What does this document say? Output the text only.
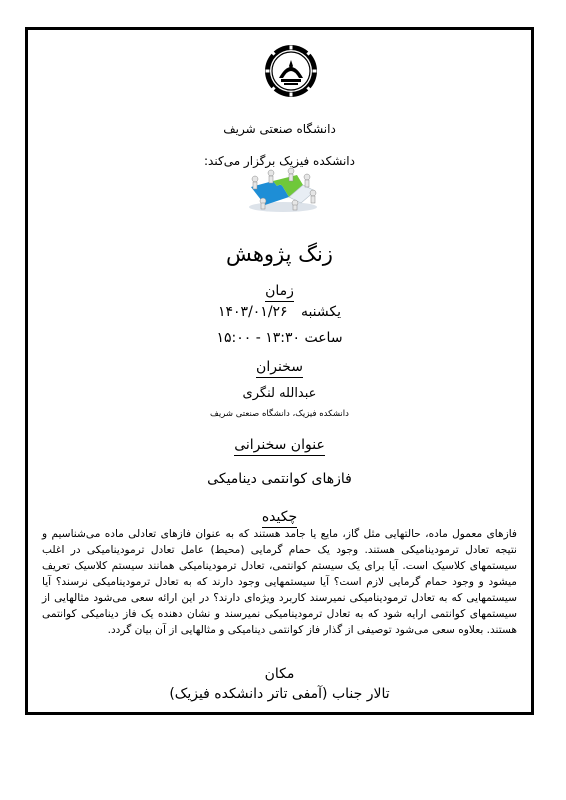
دانشگاه صنعتی شریف
دانشکده فیزیک برگزار می‌کند:
زنگ پژوهش
زمان
یکشنبه   ۱۴۰۳/۰۱/۲۶
ساعت ۱۳:۳۰ - ۱۵:۰۰
سخنران
عبدالله لنگری
دانشکده فیزیک، دانشگاه صنعتی شریف
عنوان سخنرانی
فازهای کوانتمی دینامیکی
چکیده
فازهای معمول ماده، حالتهایی مثل گاز، مایع یا جامد هستند که به عنوان فازهای تعادلی ماده می‌شناسیم و نتیجه تعادل ترمودینامیکی هستند. وجود یک حمام گرمایی (محیط) عامل تعادل ترمودینامیکی در اغلب سیستمهای کلاسیک است. آیا برای یک سیستم کوانتمی، تعادل ترمودینامیکی همانند سیستم کلاسیک تعریف میشود و وجود حمام گرمایی لازم است؟ آیا سیستمهایی وجود دارند که به تعادل ترمودینامیکی نرسند؟ آیا سیستمهایی که به تعادل ترمودینامیکی نمیرسند کاربرد ویژه‌ای دارند؟ در این ارائه سعی می‌شود مثالهایی از سیستمهای کوانتمی ارایه شود که به تعادل ترمودینامیکی نمیرسند و نشان دهنده یک فاز دینامیکی کوانتمی هستند. بعلاوه سعی می‌شود توصیفی از گذار فاز کوانتمی دینامیکی و مثالهایی از آن بیان گردد.
مکان
تالار جناب (آمفی تاتر دانشکده فیزیک)
